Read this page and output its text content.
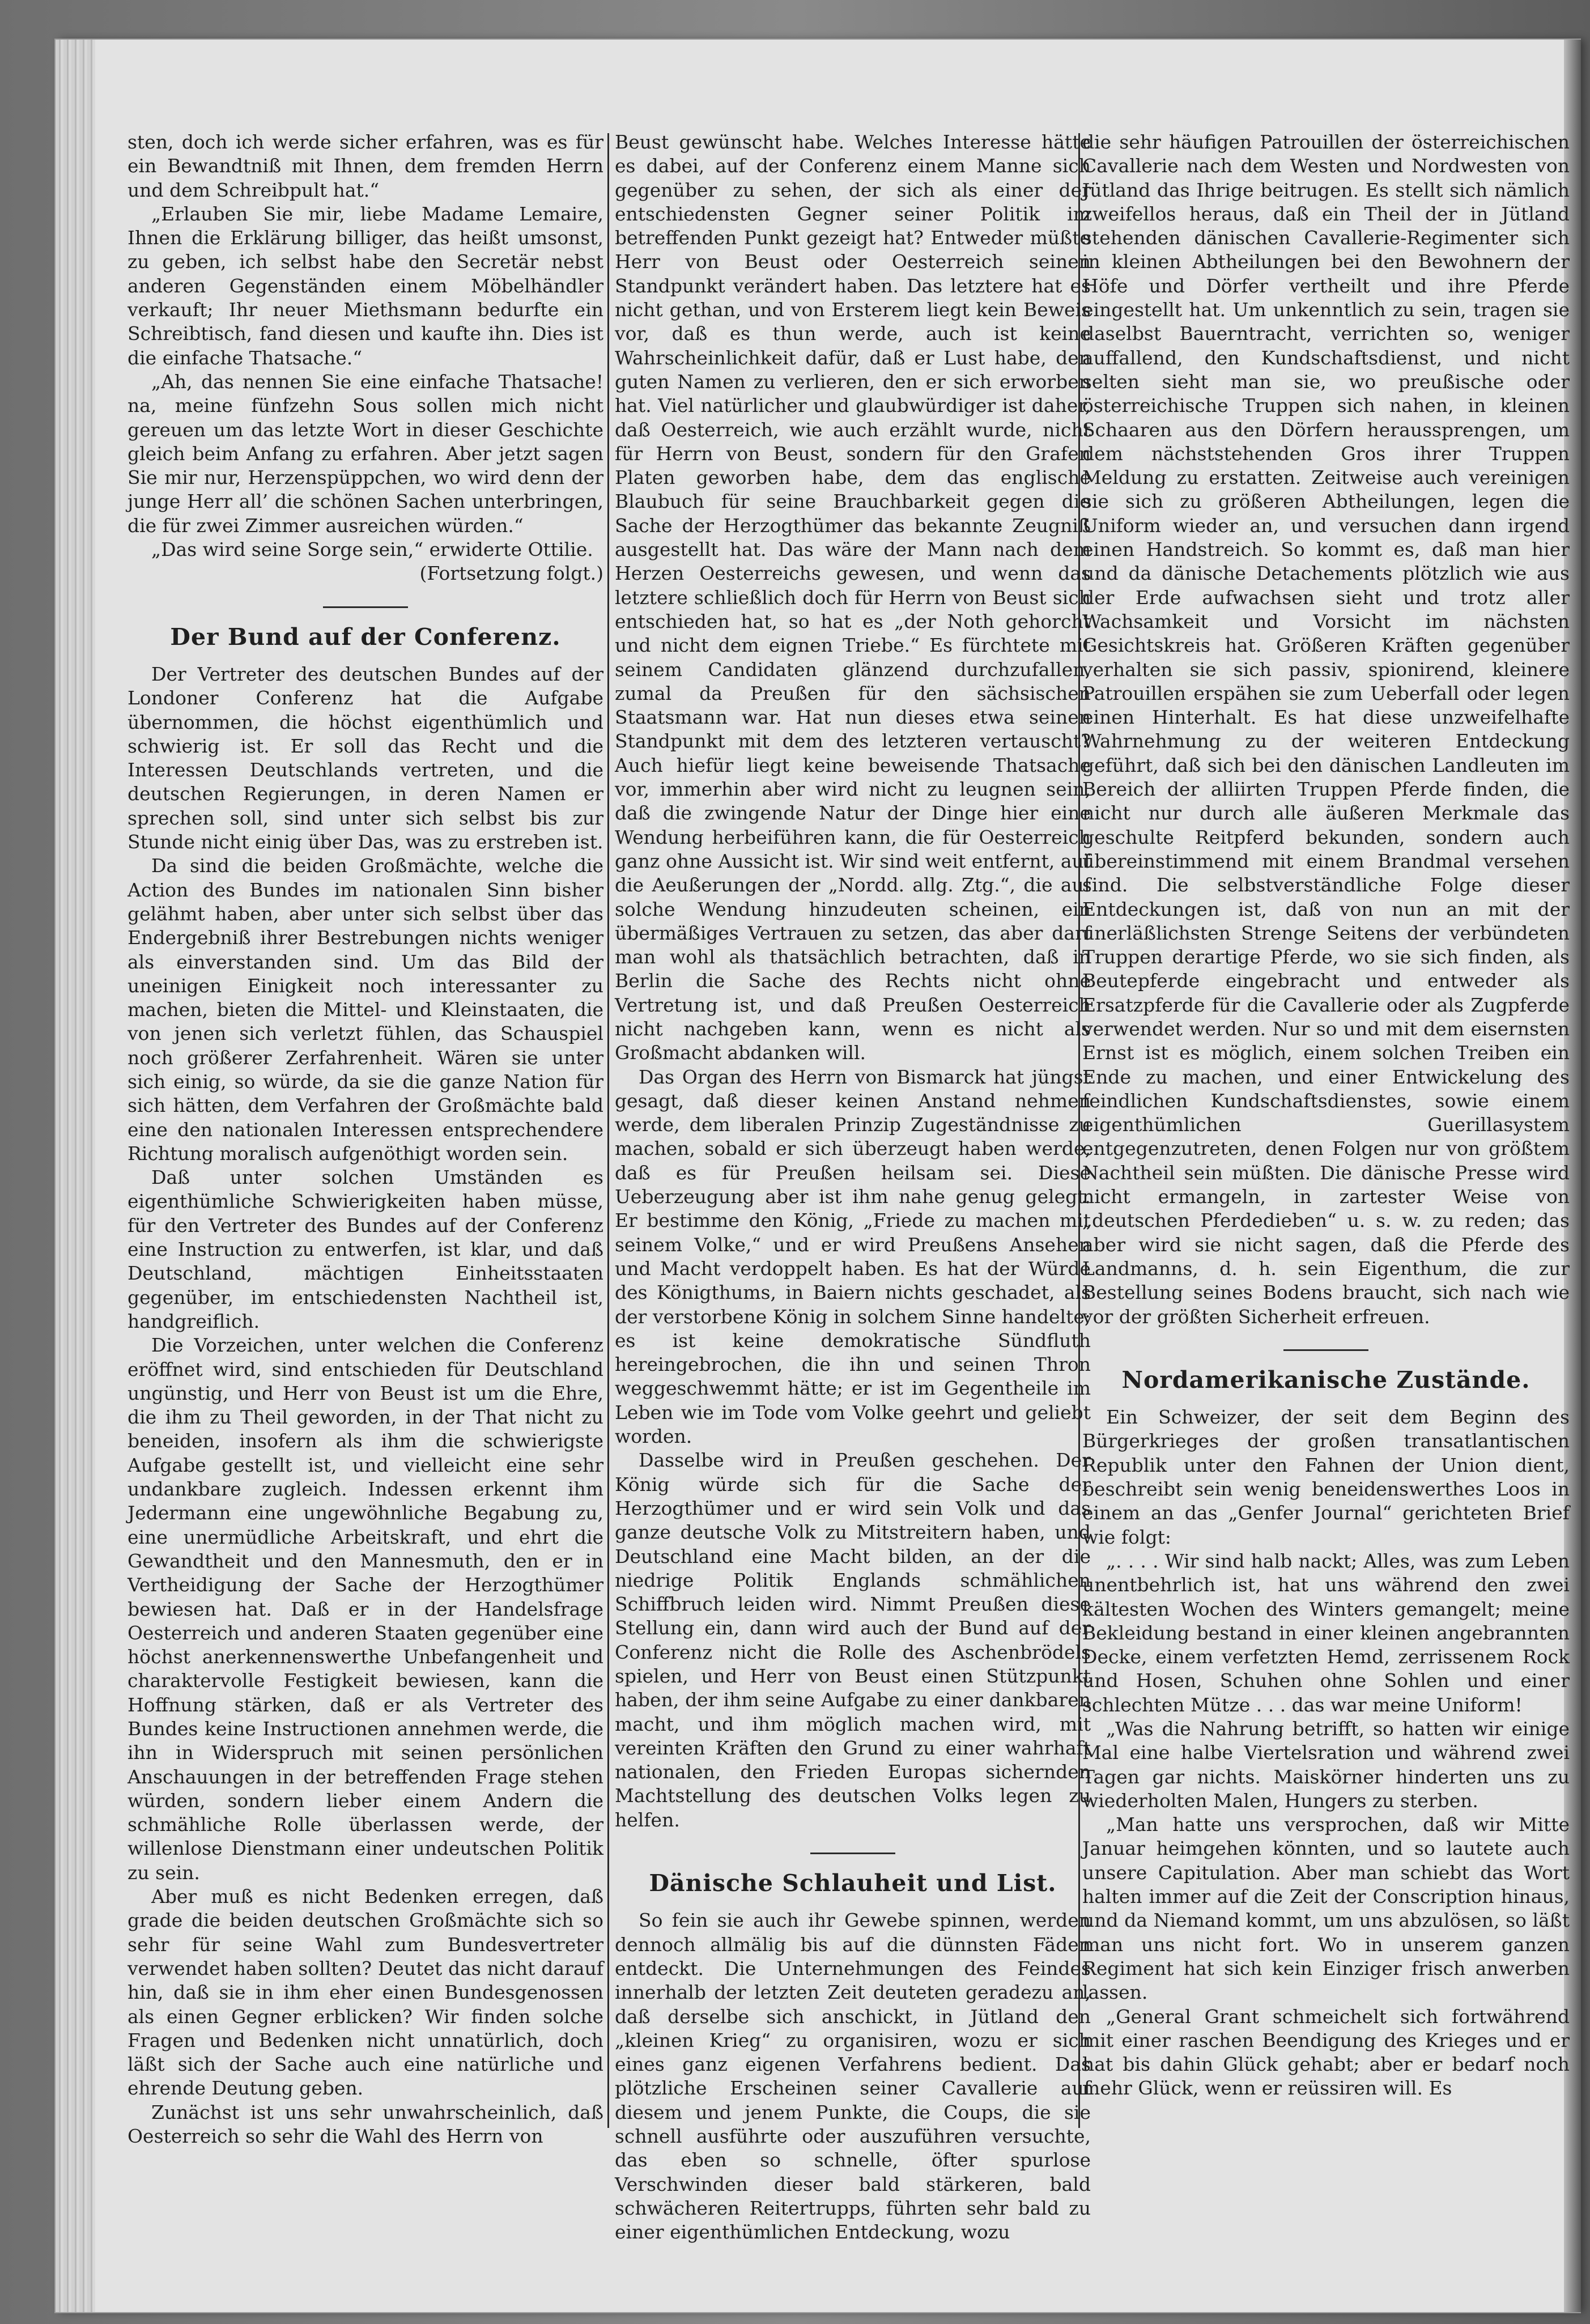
sten, doch ich werde sicher erfahren, was es für ein Bewandtniß mit Ihnen, dem fremden Herrn und dem Schreibpult hat.“

„Erlauben Sie mir, liebe Madame Lemaire, Ihnen die Erklärung billiger, das heißt umsonst, zu geben, ich selbst habe den Secretär nebst anderen Gegenständen einem Möbelhändler verkauft; Ihr neuer Miethsmann bedurfte ein Schreibtisch, fand diesen und kaufte ihn. Dies ist die einfache Thatsache.“

„Ah, das nennen Sie eine einfache Thatsache! na, meine fünfzehn Sous sollen mich nicht gereuen um das letzte Wort in dieser Geschichte gleich beim Anfang zu erfahren. Aber jetzt sagen Sie mir nur, Herzenspüppchen, wo wird denn der junge Herr all’ die schönen Sachen unterbringen, die für zwei Zimmer ausreichen würden.“

„Das wird seine Sorge sein,“ erwiderte Ottilie.

(Fortsetzung folgt.)

Der Bund auf der Conferenz.

Der Vertreter des deutschen Bundes auf der Londoner Conferenz hat die Aufgabe übernommen, die höchst eigenthümlich und schwierig ist. Er soll das Recht und die Interessen Deutschlands vertreten, und die deutschen Regierungen, in deren Namen er sprechen soll, sind unter sich selbst bis zur Stunde nicht einig über Das, was zu erstreben ist.

Da sind die beiden Großmächte, welche die Action des Bundes im nationalen Sinn bisher gelähmt haben, aber unter sich selbst über das Endergebniß ihrer Bestrebungen nichts weniger als einverstanden sind. Um das Bild der uneinigen Einigkeit noch interessanter zu machen, bieten die Mittel- und Kleinstaaten, die von jenen sich verletzt fühlen, das Schauspiel noch größerer Zerfahrenheit. Wären sie unter sich einig, so würde, da sie die ganze Nation für sich hätten, dem Verfahren der Großmächte bald eine den nationalen Interessen entsprechendere Richtung moralisch aufgenöthigt worden sein.

Daß unter solchen Umständen es eigenthümliche Schwierigkeiten haben müsse, für den Vertreter des Bundes auf der Conferenz eine Instruction zu entwerfen, ist klar, und daß Deutschland, mächtigen Einheitsstaaten gegenüber, im entschiedensten Nachtheil ist, handgreiflich.

Die Vorzeichen, unter welchen die Conferenz eröffnet wird, sind entschieden für Deutschland ungünstig, und Herr von Beust ist um die Ehre, die ihm zu Theil geworden, in der That nicht zu beneiden, insofern als ihm die schwierigste Aufgabe gestellt ist, und vielleicht eine sehr undankbare zugleich. Indessen erkennt ihm Jedermann eine ungewöhnliche Begabung zu, eine unermüdliche Arbeitskraft, und ehrt die Gewandtheit und den Mannesmuth, den er in Vertheidigung der Sache der Herzogthümer bewiesen hat. Daß er in der Handelsfrage Oesterreich und anderen Staaten gegenüber eine höchst anerkennenswerthe Unbefangenheit und charaktervolle Festigkeit bewiesen, kann die Hoffnung stärken, daß er als Vertreter des Bundes keine Instructionen annehmen werde, die ihn in Widerspruch mit seinen persönlichen Anschauungen in der betreffenden Frage stehen würden, sondern lieber einem Andern die schmähliche Rolle überlassen werde, der willenlose Dienstmann einer undeutschen Politik zu sein.

Aber muß es nicht Bedenken erregen, daß grade die beiden deutschen Großmächte sich so sehr für seine Wahl zum Bundesvertreter verwendet haben sollten? Deutet das nicht darauf hin, daß sie in ihm eher einen Bundesgenossen als einen Gegner erblicken? Wir finden solche Fragen und Bedenken nicht unnatürlich, doch läßt sich der Sache auch eine natürliche und ehrende Deutung geben.

Zunächst ist uns sehr unwahrscheinlich, daß Oesterreich so sehr die Wahl des Herrn von

Beust gewünscht habe. Welches Interesse hätte es dabei, auf der Conferenz einem Manne sich gegenüber zu sehen, der sich als einer der entschiedensten Gegner seiner Politik im betreffenden Punkt gezeigt hat? Entweder müßte Herr von Beust oder Oesterreich seinen Standpunkt verändert haben. Das letztere hat es nicht gethan, und von Ersterem liegt kein Beweis vor, daß es thun werde, auch ist keine Wahrscheinlichkeit dafür, daß er Lust habe, den guten Namen zu verlieren, den er sich erworben hat. Viel natürlicher und glaubwürdiger ist daher, daß Oesterreich, wie auch erzählt wurde, nicht für Herrn von Beust, sondern für den Grafen Platen geworben habe, dem das englische Blaubuch für seine Brauchbarkeit gegen die Sache der Herzogthümer das bekannte Zeugniß ausgestellt hat. Das wäre der Mann nach dem Herzen Oesterreichs gewesen, und wenn das letztere schließlich doch für Herrn von Beust sich entschieden hat, so hat es „der Noth gehorcht und nicht dem eignen Triebe.“ Es fürchtete mit seinem Candidaten glänzend durchzufallen, zumal da Preußen für den sächsischen Staatsmann war. Hat nun dieses etwa seinen Standpunkt mit dem des letzteren vertauscht? Auch hiefür liegt keine beweisende Thatsache vor, immerhin aber wird nicht zu leugnen sein, daß die zwingende Natur der Dinge hier eine Wendung herbeiführen kann, die für Oesterreich ganz ohne Aussicht ist. Wir sind weit entfernt, auf die Aeußerungen der „Nordd. allg. Ztg.“, die auf solche Wendung hinzudeuten scheinen, ein übermäßiges Vertrauen zu setzen, das aber darf man wohl als thatsächlich betrachten, daß in Berlin die Sache des Rechts nicht ohne Vertretung ist, und daß Preußen Oesterreich nicht nachgeben kann, wenn es nicht als Großmacht abdanken will.

Das Organ des Herrn von Bismarck hat jüngst gesagt, daß dieser keinen Anstand nehmen werde, dem liberalen Prinzip Zugeständnisse zu machen, sobald er sich überzeugt haben werde, daß es für Preußen heilsam sei. Diese Ueberzeugung aber ist ihm nahe genug gelegt. Er bestimme den König, „Friede zu machen mit seinem Volke,“ und er wird Preußens Ansehen und Macht verdoppelt haben. Es hat der Würde des Königthums, in Baiern nichts geschadet, als der verstorbene König in solchem Sinne handelte; es ist keine demokratische Sündfluth hereingebrochen, die ihn und seinen Thron weggeschwemmt hätte; er ist im Gegentheile im Leben wie im Tode vom Volke geehrt und geliebt worden.

Dasselbe wird in Preußen geschehen. Der König würde sich für die Sache der Herzogthümer und er wird sein Volk und das ganze deutsche Volk zu Mitstreitern haben, und Deutschland eine Macht bilden, an der die niedrige Politik Englands schmählichen Schiffbruch leiden wird. Nimmt Preußen diese Stellung ein, dann wird auch der Bund auf der Conferenz nicht die Rolle des Aschenbrödels spielen, und Herr von Beust einen Stützpunkt haben, der ihm seine Aufgabe zu einer dankbaren macht, und ihm möglich machen wird, mit vereinten Kräften den Grund zu einer wahrhaft nationalen, den Frieden Europas sichernden Machtstellung des deutschen Volks legen zu helfen.

Dänische Schlauheit und List.

So fein sie auch ihr Gewebe spinnen, werden dennoch allmälig bis auf die dünnsten Fäden entdeckt. Die Unternehmungen des Feindes innerhalb der letzten Zeit deuteten geradezu an, daß derselbe sich anschickt, in Jütland den „kleinen Krieg“ zu organisiren, wozu er sich eines ganz eigenen Verfahrens bedient. Das plötzliche Erscheinen seiner Cavallerie auf diesem und jenem Punkte, die Coups, die sie schnell ausführte oder auszuführen versuchte, das eben so schnelle, öfter spurlose Verschwinden dieser bald stärkeren, bald schwächeren Reitertrupps, führten sehr bald zu einer eigenthümlichen Entdeckung, wozu

die sehr häufigen Patrouillen der österreichischen Cavallerie nach dem Westen und Nordwesten von Jütland das Ihrige beitrugen. Es stellt sich nämlich zweifellos heraus, daß ein Theil der in Jütland stehenden dänischen Cavallerie-Regimenter sich in kleinen Abtheilungen bei den Bewohnern der Höfe und Dörfer vertheilt und ihre Pferde eingestellt hat. Um unkenntlich zu sein, tragen sie daselbst Bauerntracht, verrichten so, weniger auffallend, den Kundschaftsdienst, und nicht selten sieht man sie, wo preußische oder österreichische Truppen sich nahen, in kleinen Schaaren aus den Dörfern heraussprengen, um dem nächststehenden Gros ihrer Truppen Meldung zu erstatten. Zeitweise auch vereinigen sie sich zu größeren Abtheilungen, legen die Uniform wieder an, und versuchen dann irgend einen Handstreich. So kommt es, daß man hier und da dänische Detachements plötzlich wie aus der Erde aufwachsen sieht und trotz aller Wachsamkeit und Vorsicht im nächsten Gesichtskreis hat. Größeren Kräften gegenüber verhalten sie sich passiv, spionirend, kleinere Patrouillen erspähen sie zum Ueberfall oder legen einen Hinterhalt. Es hat diese unzweifelhafte Wahrnehmung zu der weiteren Entdeckung geführt, daß sich bei den dänischen Landleuten im Bereich der alliirten Truppen Pferde finden, die nicht nur durch alle äußeren Merkmale das geschulte Reitpferd bekunden, sondern auch übereinstimmend mit einem Brandmal versehen sind. Die selbstverständliche Folge dieser Entdeckungen ist, daß von nun an mit der unerläßlichsten Strenge Seitens der verbündeten Truppen derartige Pferde, wo sie sich finden, als Beutepferde eingebracht und entweder als Ersatzpferde für die Cavallerie oder als Zugpferde verwendet werden. Nur so und mit dem eisernsten Ernst ist es möglich, einem solchen Treiben ein Ende zu machen, und einer Entwickelung des feindlichen Kundschaftsdienstes, sowie einem eigenthümlichen Guerillasystem entgegenzutreten, denen Folgen nur von größtem Nachtheil sein müßten. Die dänische Presse wird nicht ermangeln, in zartester Weise von „deutschen Pferdedieben“ u. s. w. zu reden; das aber wird sie nicht sagen, daß die Pferde des Landmanns, d. h. sein Eigenthum, die zur Bestellung seines Bodens braucht, sich nach wie vor der größten Sicherheit erfreuen.

Nordamerikanische Zustände.

Ein Schweizer, der seit dem Beginn des Bürgerkrieges der großen transatlantischen Republik unter den Fahnen der Union dient, beschreibt sein wenig beneidenswerthes Loos in einem an das „Genfer Journal“ gerichteten Brief wie folgt:

„. . . . Wir sind halb nackt; Alles, was zum Leben unentbehrlich ist, hat uns während den zwei kältesten Wochen des Winters gemangelt; meine Bekleidung bestand in einer kleinen angebrannten Decke, einem verfetzten Hemd, zerrissenem Rock und Hosen, Schuhen ohne Sohlen und einer schlechten Mütze . . . das war meine Uniform!

„Was die Nahrung betrifft, so hatten wir einige Mal eine halbe Viertelsration und während zwei Tagen gar nichts. Maiskörner hinderten uns zu wiederholten Malen, Hungers zu sterben.

„Man hatte uns versprochen, daß wir Mitte Januar heimgehen könnten, und so lautete auch unsere Capitulation. Aber man schiebt das Wort halten immer auf die Zeit der Conscription hinaus, und da Niemand kommt, um uns abzulösen, so läßt man uns nicht fort. Wo in unserem ganzen Regiment hat sich kein Einziger frisch anwerben lassen.

„General Grant schmeichelt sich fortwährend mit einer raschen Beendigung des Krieges und er hat bis dahin Glück gehabt; aber er bedarf noch mehr Glück, wenn er reüssiren will. Es
